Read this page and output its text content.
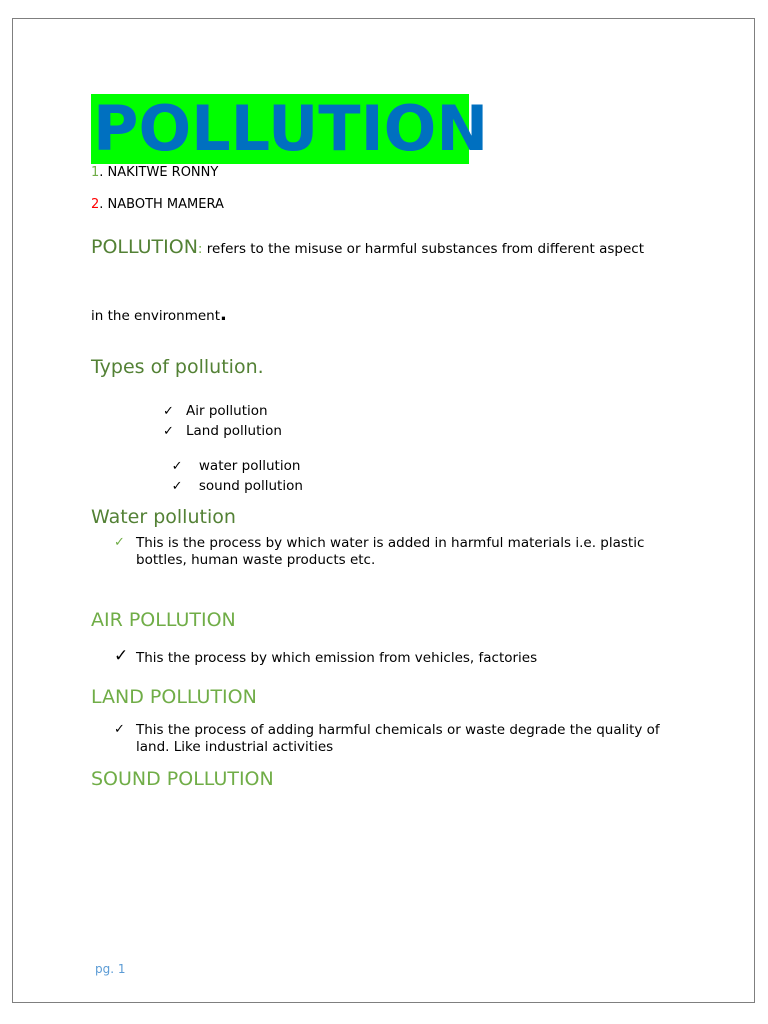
POLLUTION
1. NAKITWE RONNY
2. NABOTH MAMERA
POLLUTION: refers to the misuse or harmful substances from different aspect
in the environment.
Types of pollution.
✓ Air pollution
✓ Land pollution

✓ water pollution

✓ sound pollution

Water pollution
✓ This is the process by which water is added in harmful materials i.e. plastic
bottles, human waste products etc.
AIR POLLUTION
✓ This the process by which emission from vehicles, factories
LAND POLLUTION
✓ This the process of adding harmful chemicals or waste degrade the quality of
land. Like industrial activities
SOUND POLLUTION
pg. 1
